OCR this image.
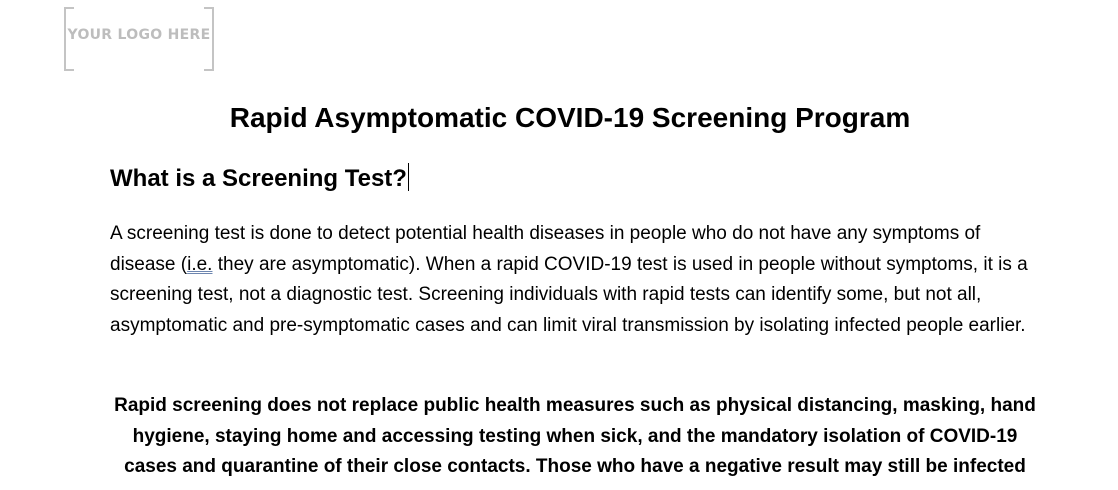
YOUR LOGO HERE
Rapid Asymptomatic COVID-19 Screening Program
What is a Screening Test?

A screening test is done to detect potential health diseases in people who do not have any symptoms of disease (i.e. they are asymptomatic). When a rapid COVID-19 test is used in people without symptoms, it is a screening test, not a diagnostic test. Screening individuals with rapid tests can identify some, but not all, asymptomatic and pre-symptomatic cases and can limit viral transmission by isolating infected people earlier.

Rapid screening does not replace public health measures such as physical distancing, masking, hand hygiene, staying home and accessing testing when sick, and the mandatory isolation of COVID-19 cases and quarantine of their close contacts. Those who have a negative result may still be infected
